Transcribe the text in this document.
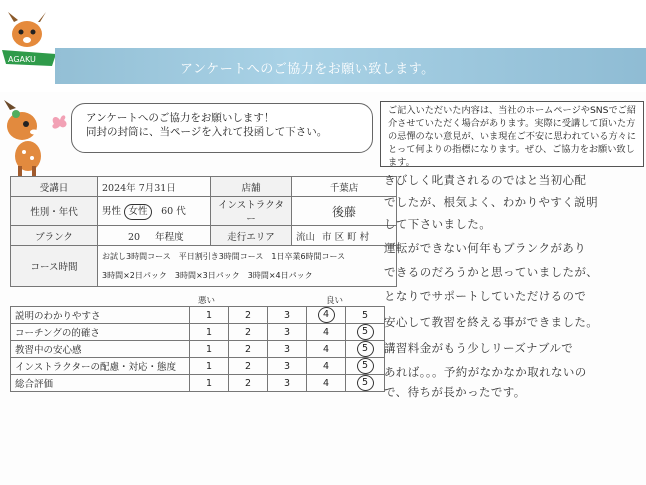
AGAKU
アンケートへのご協力をお願い致します。
アンケートへのご協力をお願いします！
同封の封筒に、当ページを入れて投函して下さい。
ご記入いただいた内容は、当社のホームページやSNSでご紹介させていただく場合があります。実際に受講して頂いた方の忌憚のない意見が、いま現在ご不安に思われている方々にとって何よりの指標になります。ぜひ、ご協力をお願い致します。
受講日	2024年 7月31日	店舗	千葉店
性別・年代	男性 女性 60 代	インストラクター	後藤
ブランク	20 年程度	走行エリア	流山 市 区 町 村
コース時間	お試し3時間コース　平日割引き3時間コース　1日卒業6時間コース
3時間×2日パック　3時間×3日パック　3時間×4日パック		
悪い	良い
説明のわかりやすさ	1	2	3	4	5
コーチングの的確さ	1	2	3	4	5
教習中の安心感	1	2	3	4	5
インストラクターの配慮・対応・態度	1	2	3	4	5
総合評価	1	2	3	4	5
きびしく叱責されるのではと当初心配
でしたが、根気よく、わかりやすく説明
して下さいました。
運転ができない何年もブランクがあり
できるのだろうかと思っていましたが、
となりでサポートしていただけるので
安心して教習を終える事ができました。
講習料金がもう少しリーズナブルで
あれば。。。予約がなかなか取れないの
で、待ちが長かったです。
